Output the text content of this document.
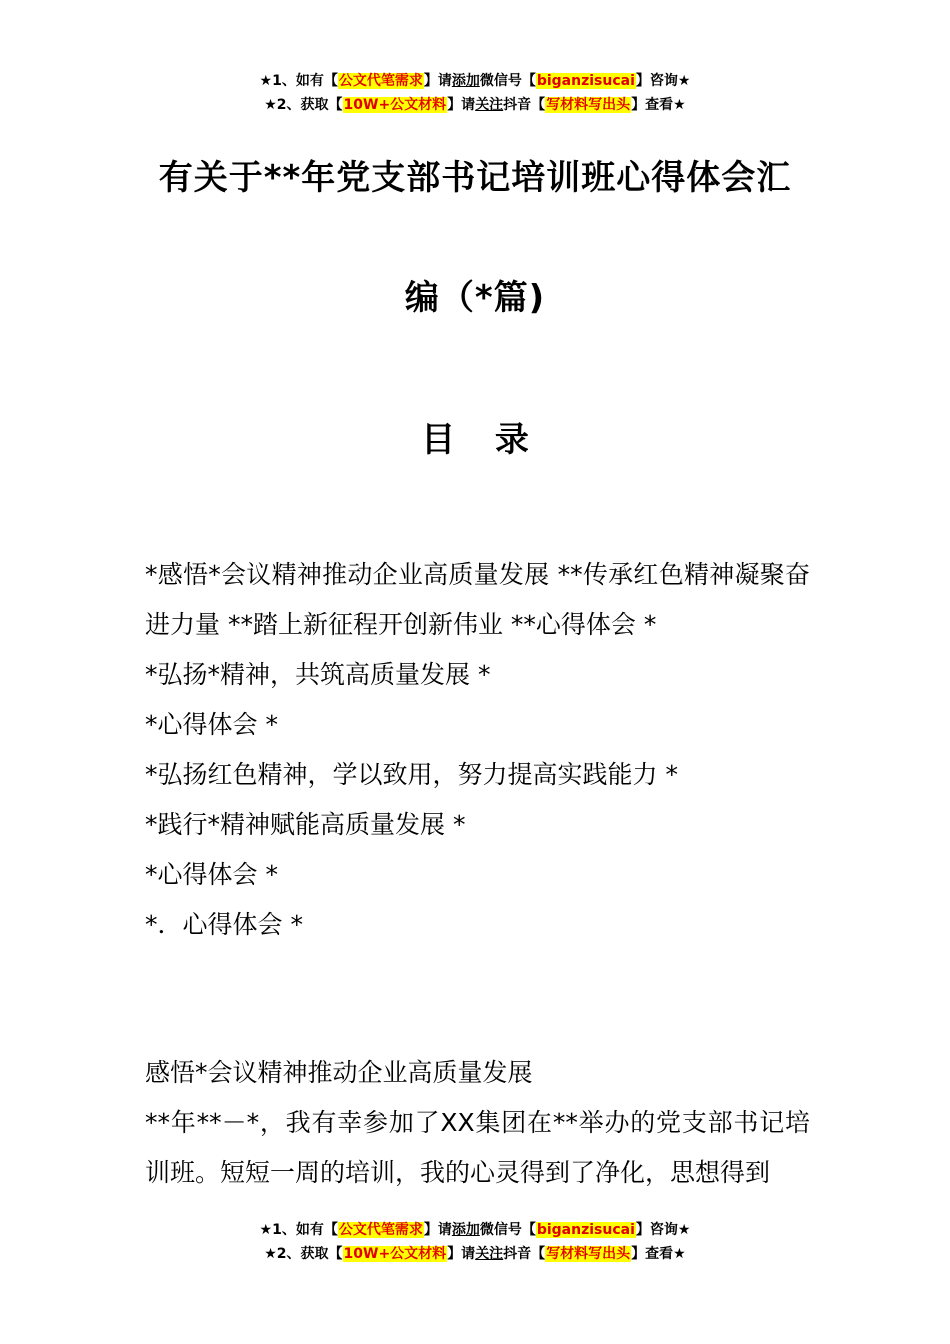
★1、如有【公文代笔需求】请添加微信号【biganzisucai】咨询★
★2、获取【10W+公文材料】请关注抖音【写材料写出头】查看★
有关于**年党支部书记培训班心得体会汇
编（*篇)
目 录

*感悟*会议精神推动企业高质量发展 **传承红色精神凝聚奋进力量 **踏上新征程开创新伟业 **心得体会 *

*弘扬*精神，共筑高质量发展 *

*心得体会 *

*弘扬红色精神，学以致用，努力提高实践能力 *

*践行*精神赋能高质量发展 *

*心得体会 *

*．心得体会 *

感悟*会议精神推动企业高质量发展

**年**－*，我有幸参加了XX集团在**举办的党支部书记培训班。短短一周的培训，我的心灵得到了净化，思想得到

★1、如有【公文代笔需求】请添加微信号【biganzisucai】咨询★
★2、获取【10W+公文材料】请关注抖音【写材料写出头】查看★
